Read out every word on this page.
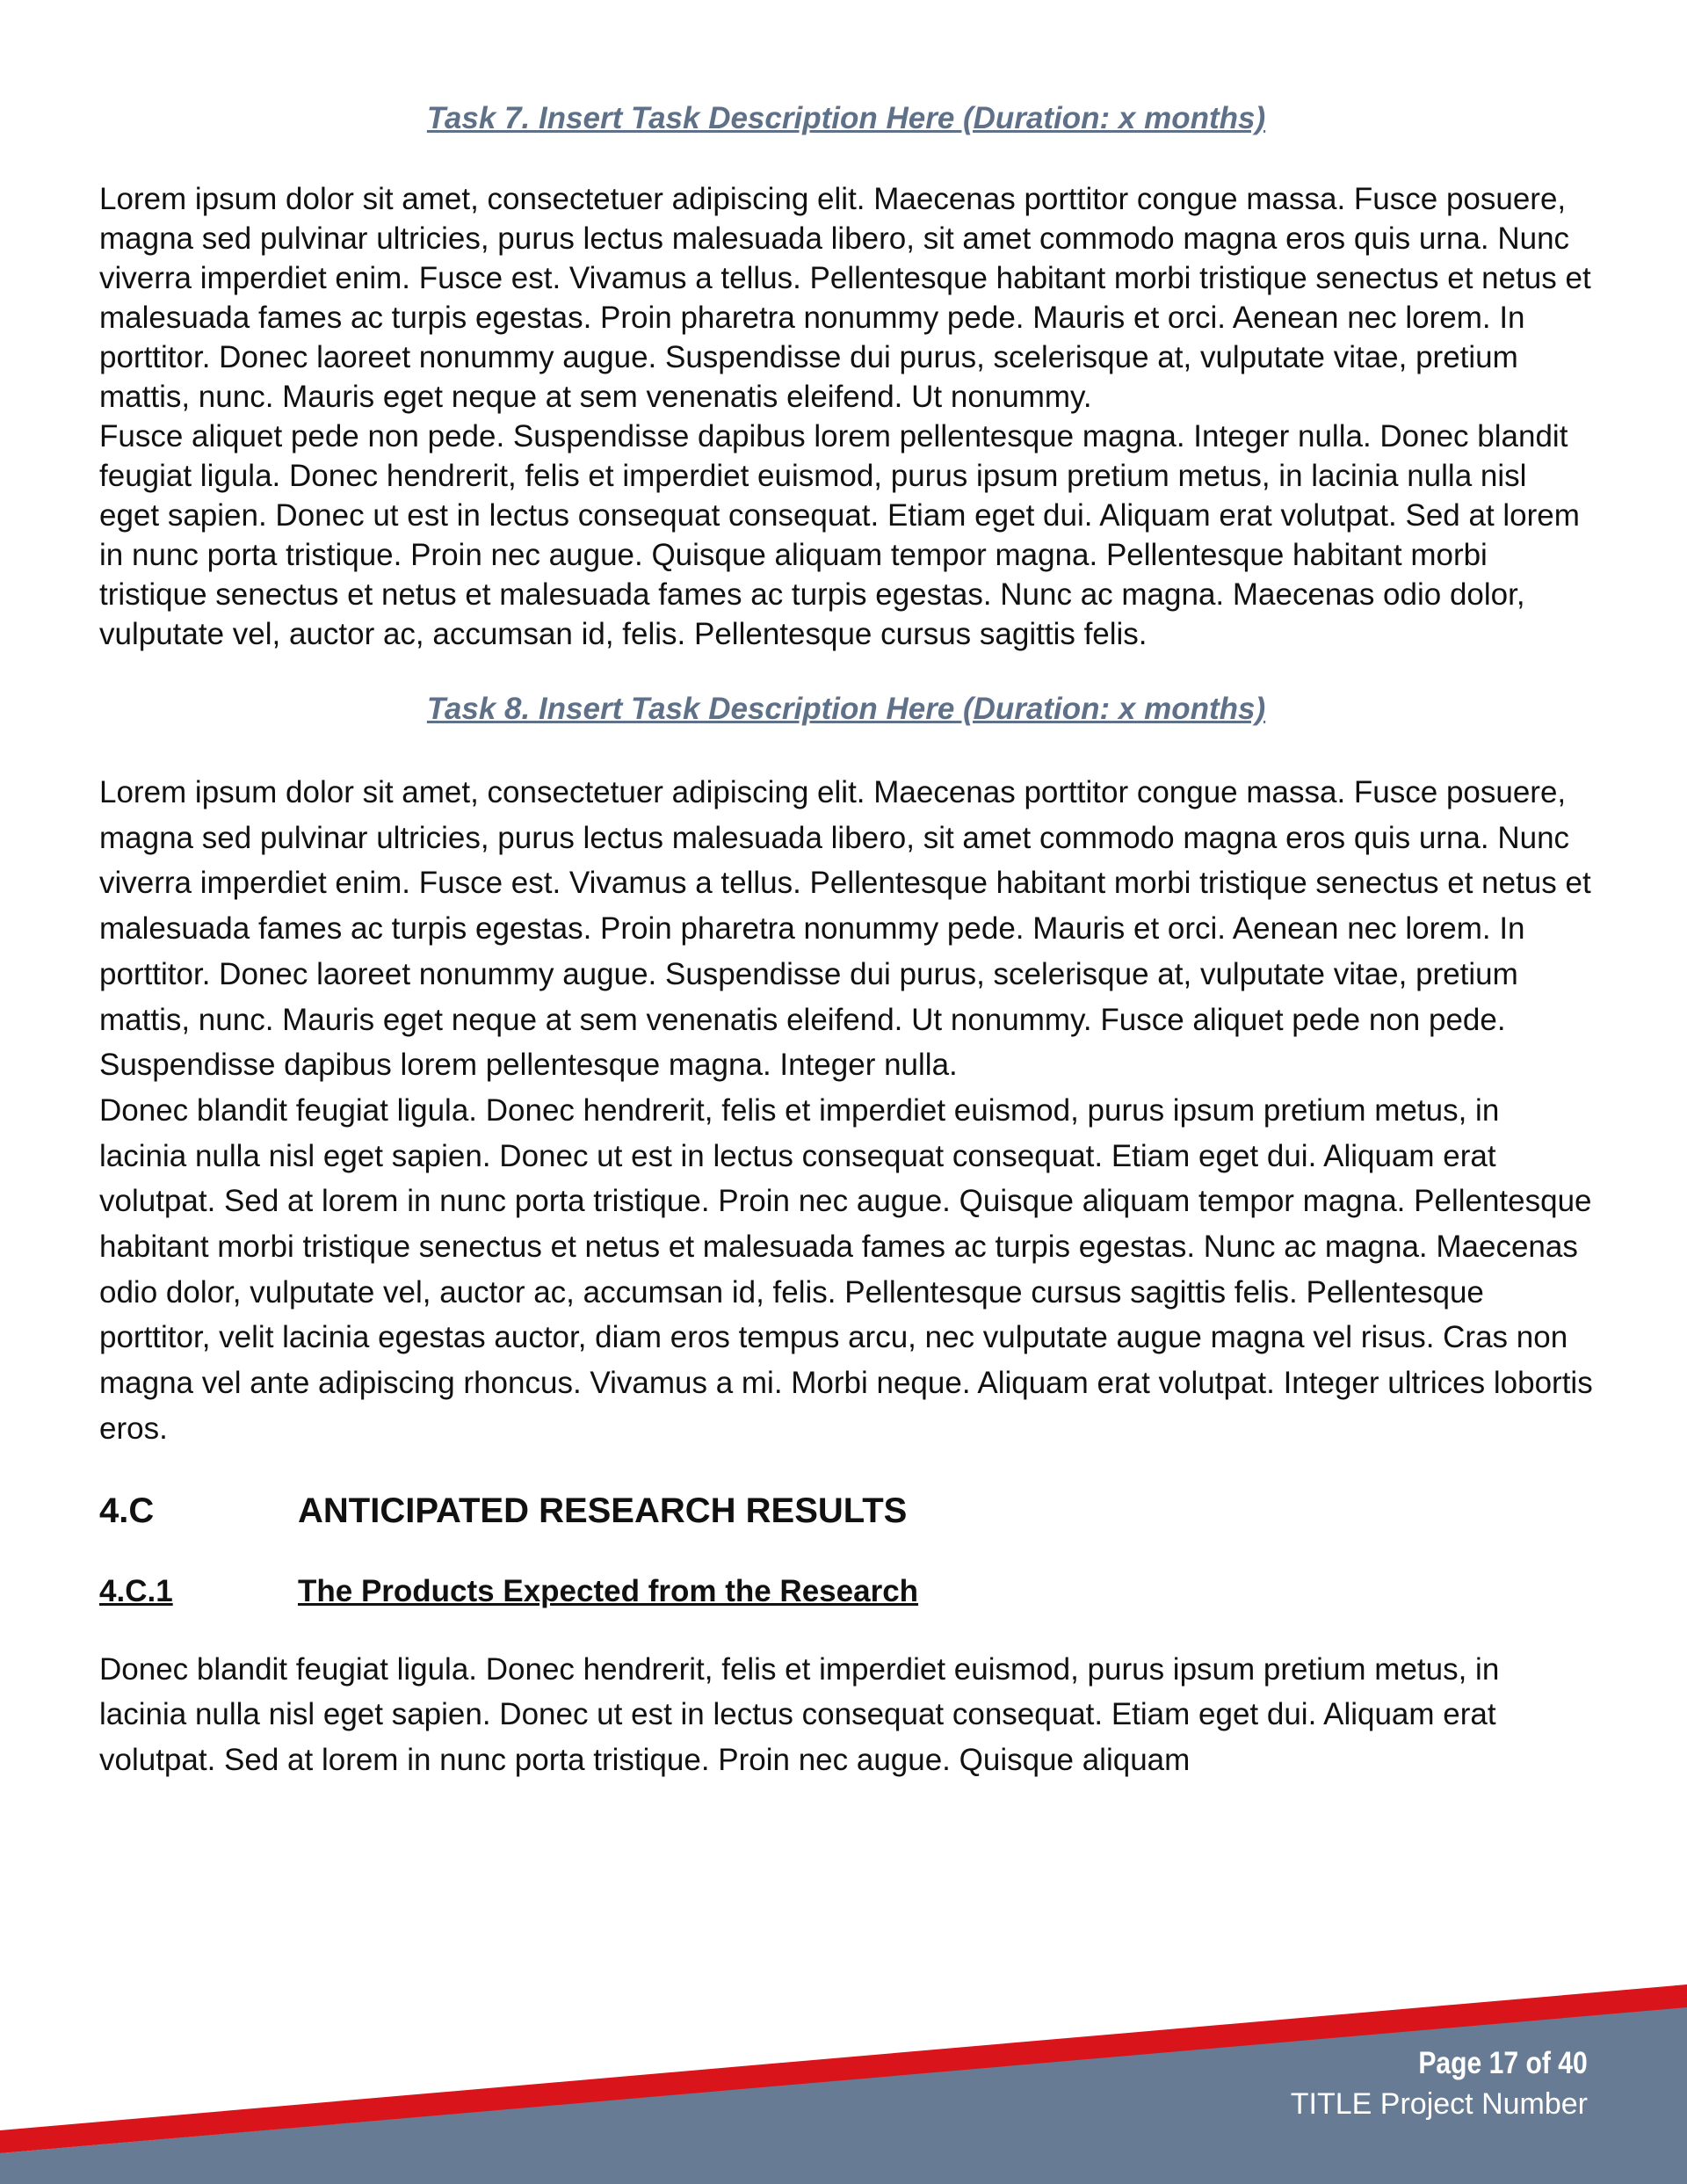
Task 7. Insert Task Description Here (Duration: x months)

Lorem ipsum dolor sit amet, consectetuer adipiscing elit. Maecenas porttitor congue massa. Fusce posuere, magna sed pulvinar ultricies, purus lectus malesuada libero, sit amet commodo magna eros quis urna. Nunc viverra imperdiet enim. Fusce est. Vivamus a tellus. Pellentesque habitant morbi tristique senectus et netus et malesuada fames ac turpis egestas. Proin pharetra nonummy pede. Mauris et orci. Aenean nec lorem. In porttitor. Donec laoreet nonummy augue. Suspendisse dui purus, scelerisque at, vulputate vitae, pretium mattis, nunc. Mauris eget neque at sem venenatis eleifend. Ut nonummy.

Fusce aliquet pede non pede. Suspendisse dapibus lorem pellentesque magna. Integer nulla. Donec blandit feugiat ligula. Donec hendrerit, felis et imperdiet euismod, purus ipsum pretium metus, in lacinia nulla nisl eget sapien. Donec ut est in lectus consequat consequat. Etiam eget dui. Aliquam erat volutpat. Sed at lorem in nunc porta tristique. Proin nec augue. Quisque aliquam tempor magna. Pellentesque habitant morbi tristique senectus et netus et malesuada fames ac turpis egestas. Nunc ac magna. Maecenas odio dolor, vulputate vel, auctor ac, accumsan id, felis. Pellentesque cursus sagittis felis.

Task 8. Insert Task Description Here (Duration: x months)

Lorem ipsum dolor sit amet, consectetuer adipiscing elit. Maecenas porttitor congue massa. Fusce posuere, magna sed pulvinar ultricies, purus lectus malesuada libero, sit amet commodo magna eros quis urna. Nunc viverra imperdiet enim. Fusce est. Vivamus a tellus. Pellentesque habitant morbi tristique senectus et netus et malesuada fames ac turpis egestas. Proin pharetra nonummy pede. Mauris et orci. Aenean nec lorem. In porttitor. Donec laoreet nonummy augue. Suspendisse dui purus, scelerisque at, vulputate vitae, pretium mattis, nunc. Mauris eget neque at sem venenatis eleifend. Ut nonummy. Fusce aliquet pede non pede. Suspendisse dapibus lorem pellentesque magna. Integer nulla.

Donec blandit feugiat ligula. Donec hendrerit, felis et imperdiet euismod, purus ipsum pretium metus, in lacinia nulla nisl eget sapien. Donec ut est in lectus consequat consequat. Etiam eget dui. Aliquam erat volutpat. Sed at lorem in nunc porta tristique. Proin nec augue. Quisque aliquam tempor magna. Pellentesque habitant morbi tristique senectus et netus et malesuada fames ac turpis egestas. Nunc ac magna. Maecenas odio dolor, vulputate vel, auctor ac, accumsan id, felis. Pellentesque cursus sagittis felis. Pellentesque porttitor, velit lacinia egestas auctor, diam eros tempus arcu, nec vulputate augue magna vel risus. Cras non magna vel ante adipiscing rhoncus. Vivamus a mi. Morbi neque. Aliquam erat volutpat. Integer ultrices lobortis eros.

4.C	ANTICIPATED RESEARCH RESULTS
4.C.1	The Products Expected from the Research

Donec blandit feugiat ligula. Donec hendrerit, felis et imperdiet euismod, purus ipsum pretium metus, in lacinia nulla nisl eget sapien. Donec ut est in lectus consequat consequat. Etiam eget dui. Aliquam erat volutpat. Sed at lorem in nunc porta tristique. Proin nec augue. Quisque aliquam

Page 17 of 40
TITLE Project Number
